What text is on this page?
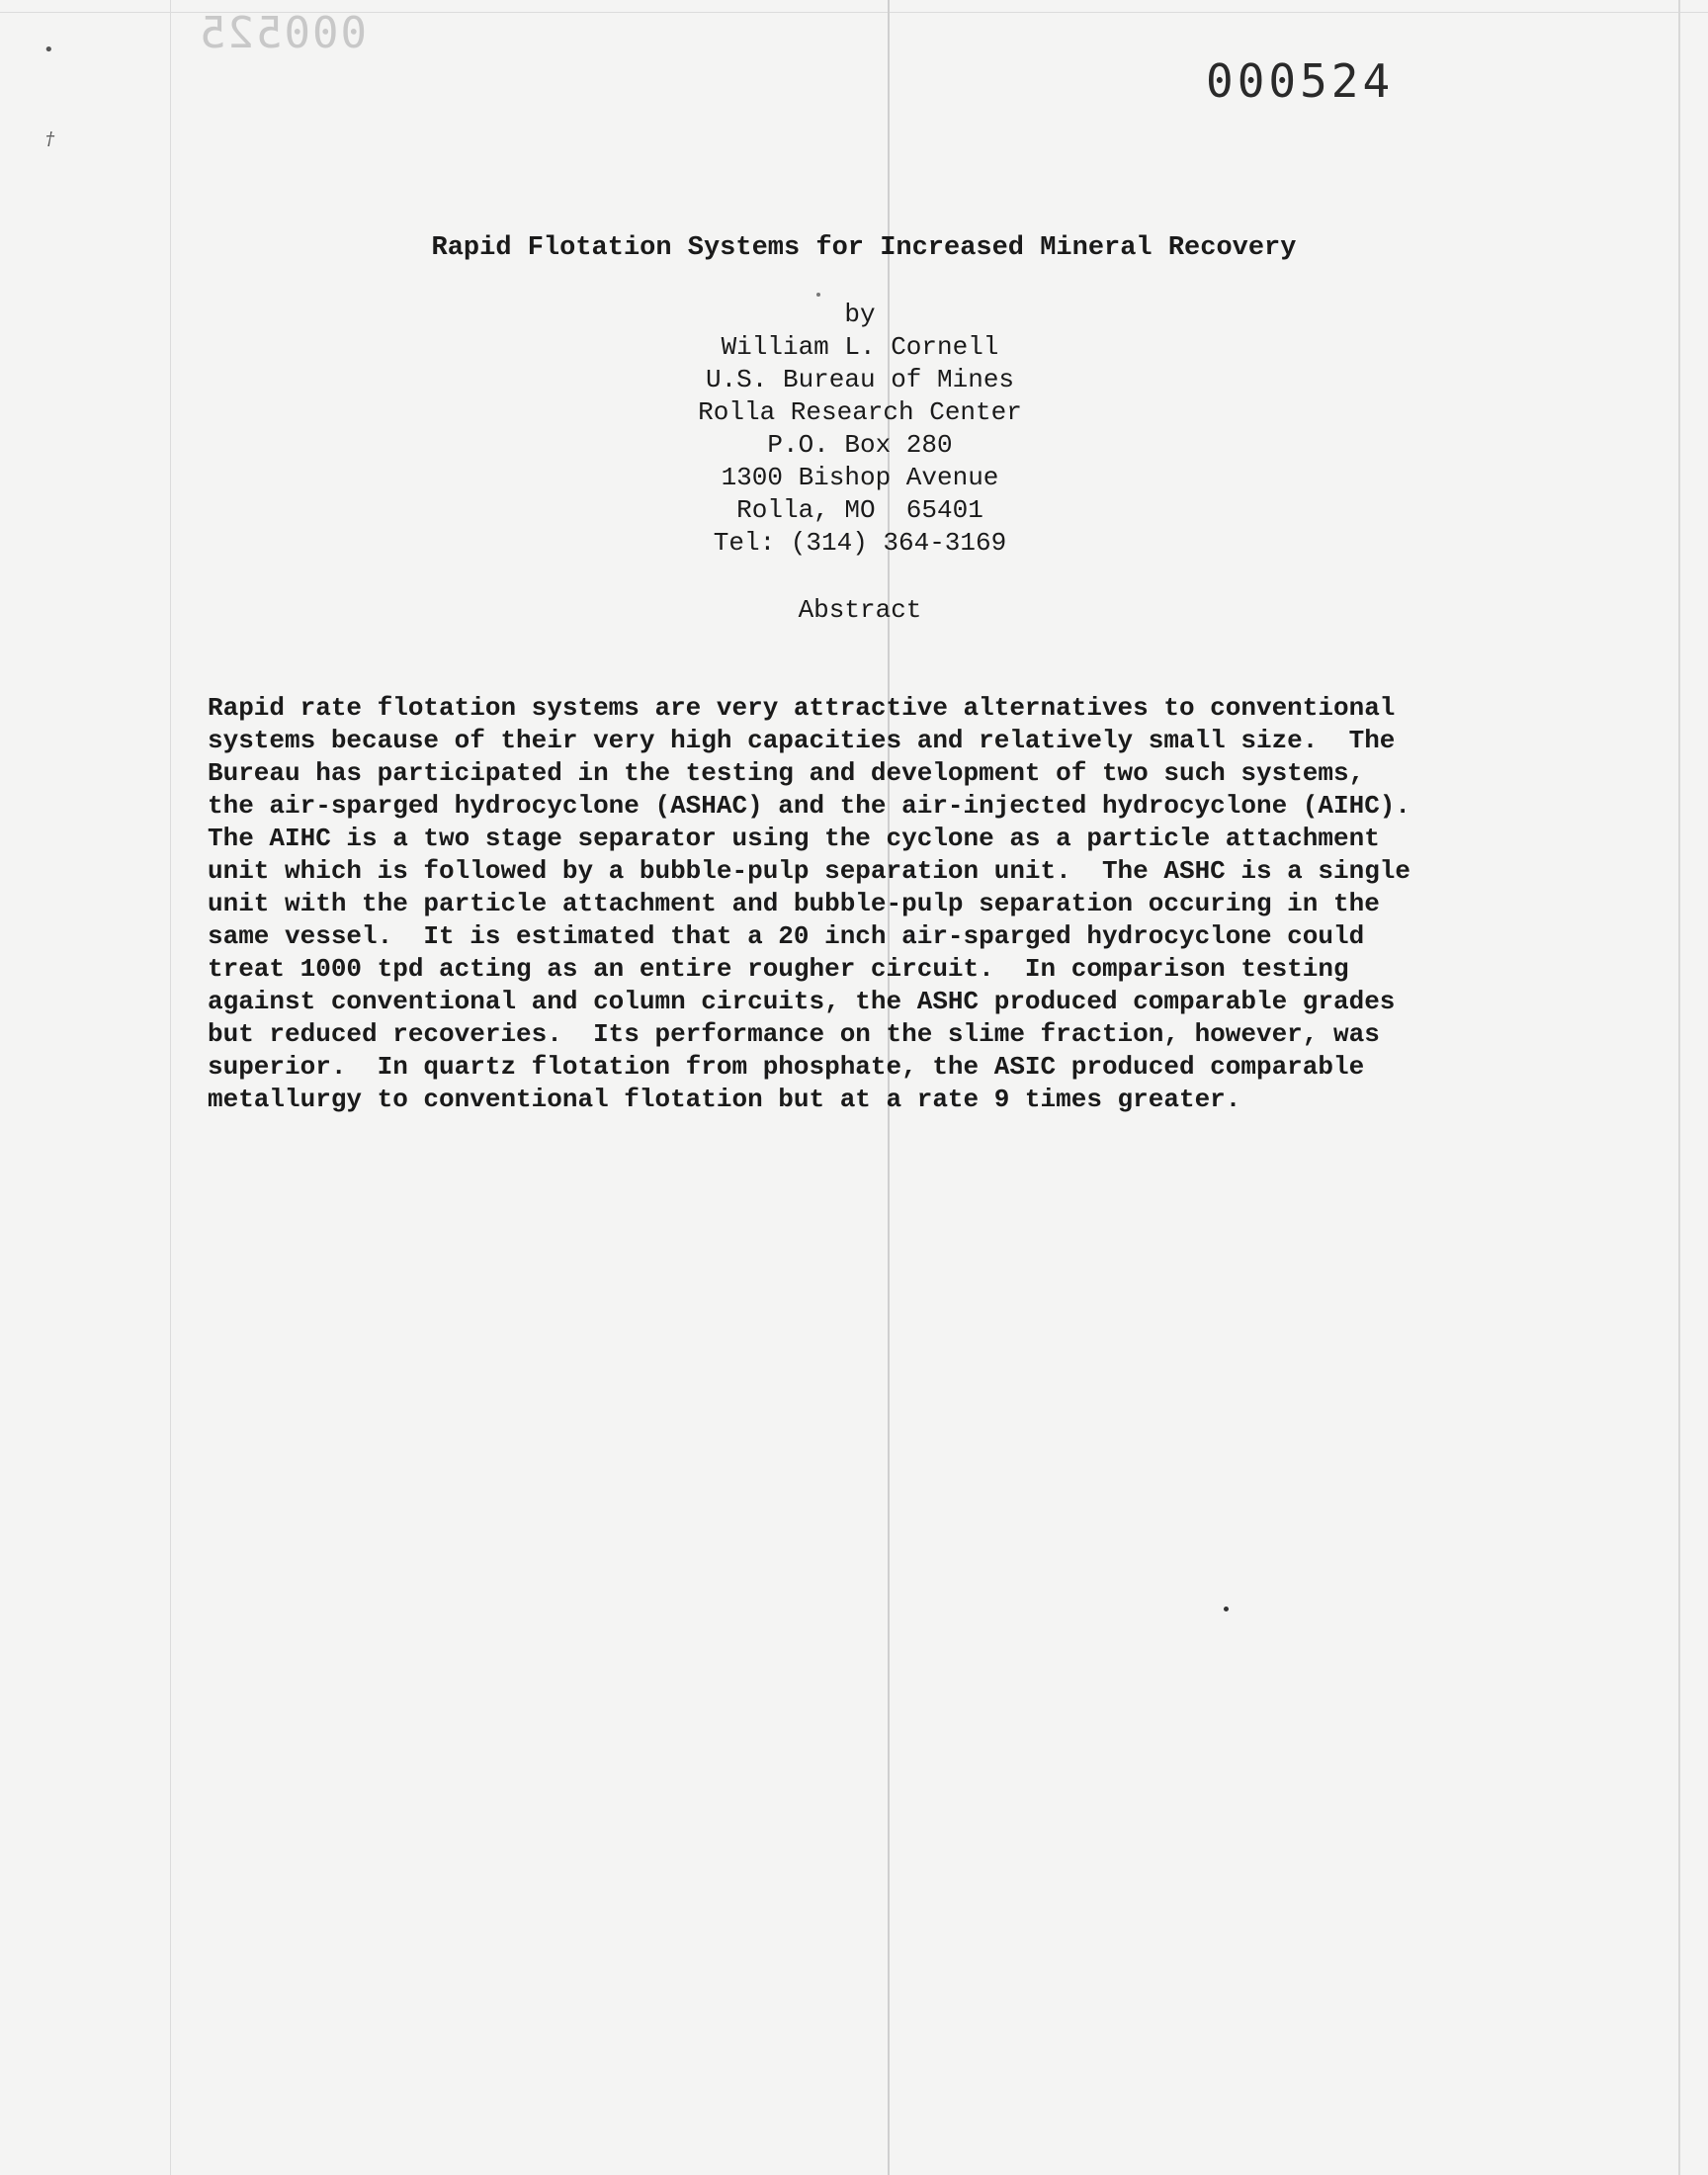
000525
000524
•
†
Rapid Flotation Systems for Increased Mineral Recovery
by
William L. Cornell
U.S. Bureau of Mines
Rolla Research Center
P.O. Box 280
1300 Bishop Avenue
Rolla, MO  65401
Tel: (314) 364-3169
Abstract
Rapid rate flotation systems are very attractive alternatives to conventional
systems because of their very high capacities and relatively small size.  The
Bureau has participated in the testing and development of two such systems,
the air-sparged hydrocyclone (ASHAC) and the air-injected hydrocyclone (AIHC).
The AIHC is a two stage separator using the cyclone as a particle attachment
unit which is followed by a bubble-pulp separation unit.  The ASHC is a single
unit with the particle attachment and bubble-pulp separation occuring in the
same vessel.  It is estimated that a 20 inch air-sparged hydrocyclone could
treat 1000 tpd acting as an entire rougher circuit.  In comparison testing
against conventional and column circuits, the ASHC produced comparable grades
but reduced recoveries.  Its performance on the slime fraction, however, was
superior.  In quartz flotation from phosphate, the ASIC produced comparable
metallurgy to conventional flotation but at a rate 9 times greater.
